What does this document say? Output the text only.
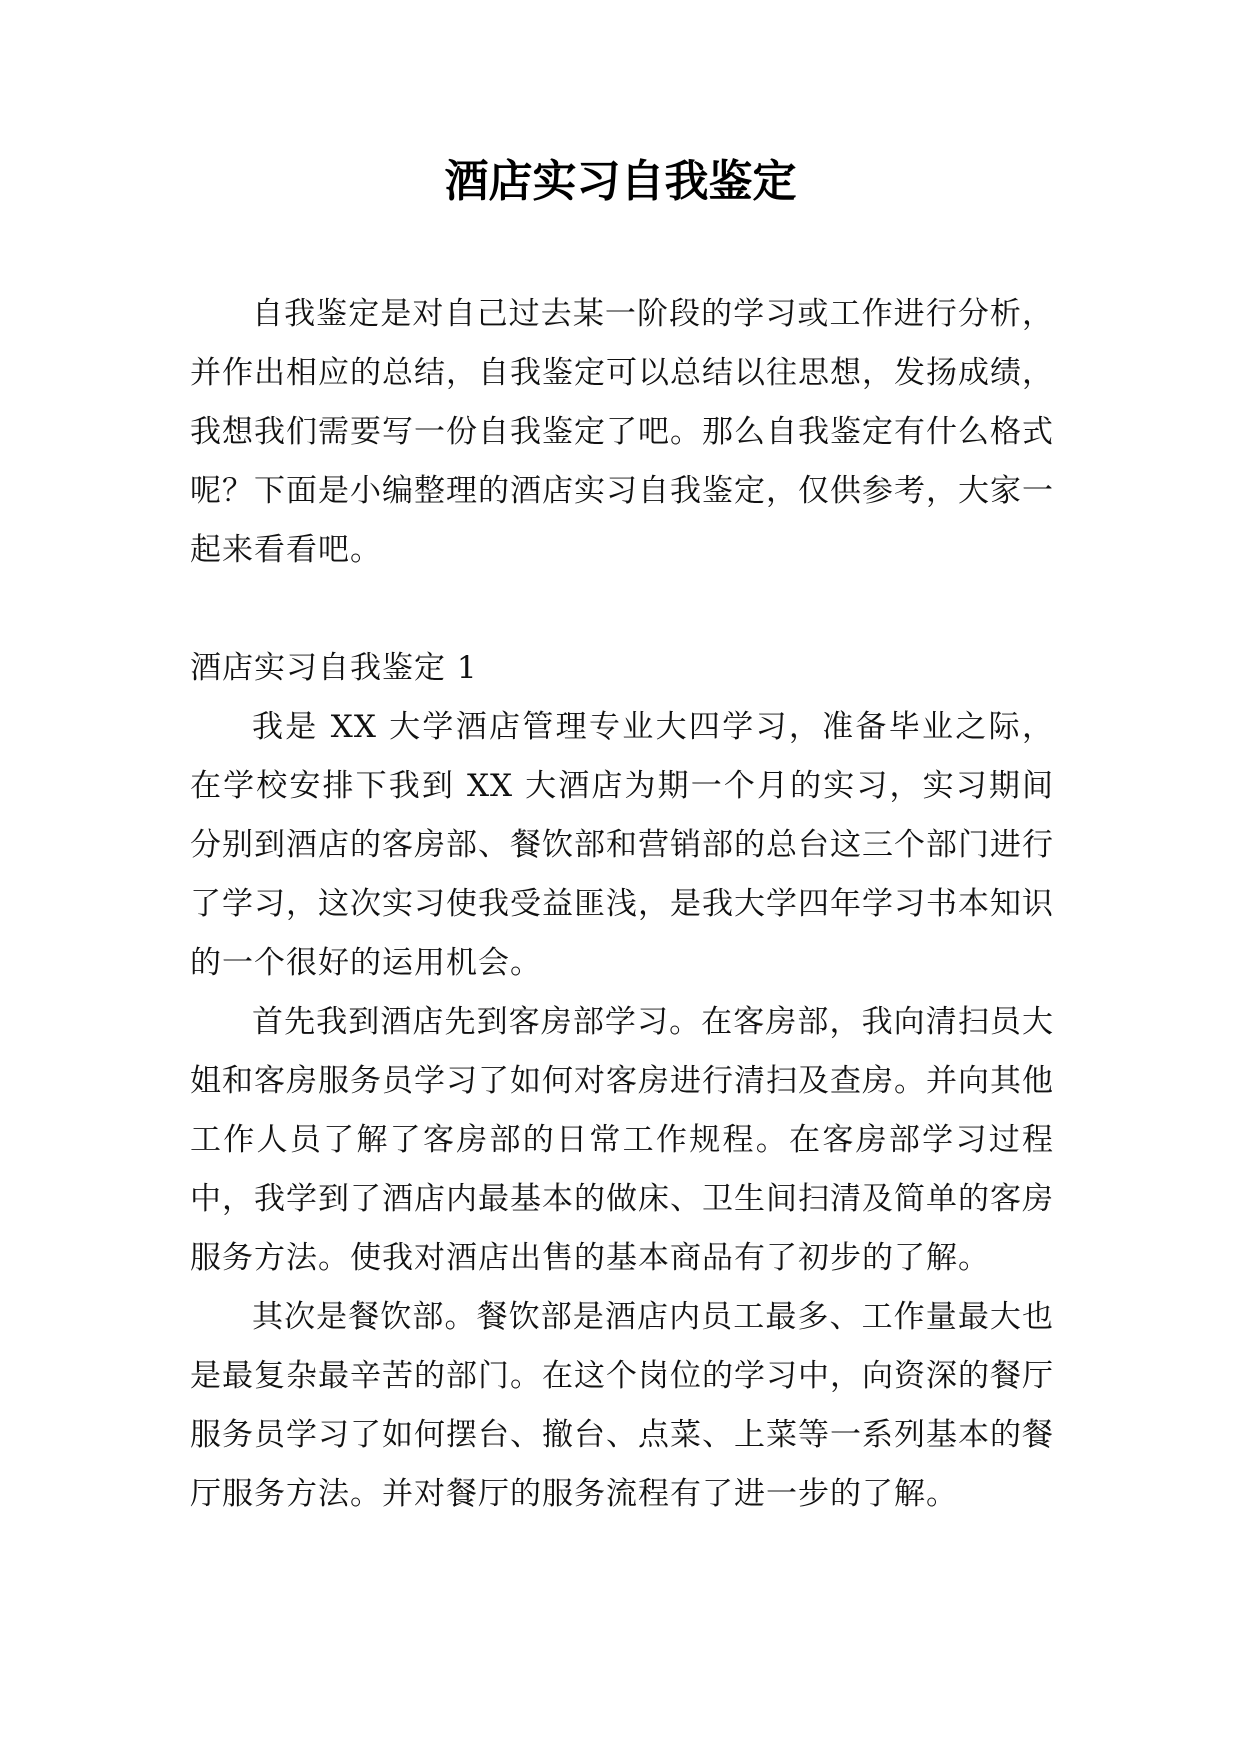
酒店实习自我鉴定

自我鉴定是对自己过去某一阶段的学习或工作进行分析，并作出相应的总结，自我鉴定可以总结以往思想，发扬成绩，我想我们需要写一份自我鉴定了吧。那么自我鉴定有什么格式呢？下面是小编整理的酒店实习自我鉴定，仅供参考，大家一起来看看吧。

酒店实习自我鉴定 1

我是 XX 大学酒店管理专业大四学习，准备毕业之际，在学校安排下我到 XX 大酒店为期一个月的实习，实习期间分别到酒店的客房部、餐饮部和营销部的总台这三个部门进行了学习，这次实习使我受益匪浅，是我大学四年学习书本知识的一个很好的运用机会。

首先我到酒店先到客房部学习。在客房部，我向清扫员大姐和客房服务员学习了如何对客房进行清扫及查房。并向其他工作人员了解了客房部的日常工作规程。在客房部学习过程中，我学到了酒店内最基本的做床、卫生间扫清及简单的客房服务方法。使我对酒店出售的基本商品有了初步的了解。

其次是餐饮部。餐饮部是酒店内员工最多、工作量最大也是最复杂最辛苦的部门。在这个岗位的学习中，向资深的餐厅服务员学习了如何摆台、撤台、点菜、上菜等一系列基本的餐厅服务方法。并对餐厅的服务流程有了进一步的了解。
